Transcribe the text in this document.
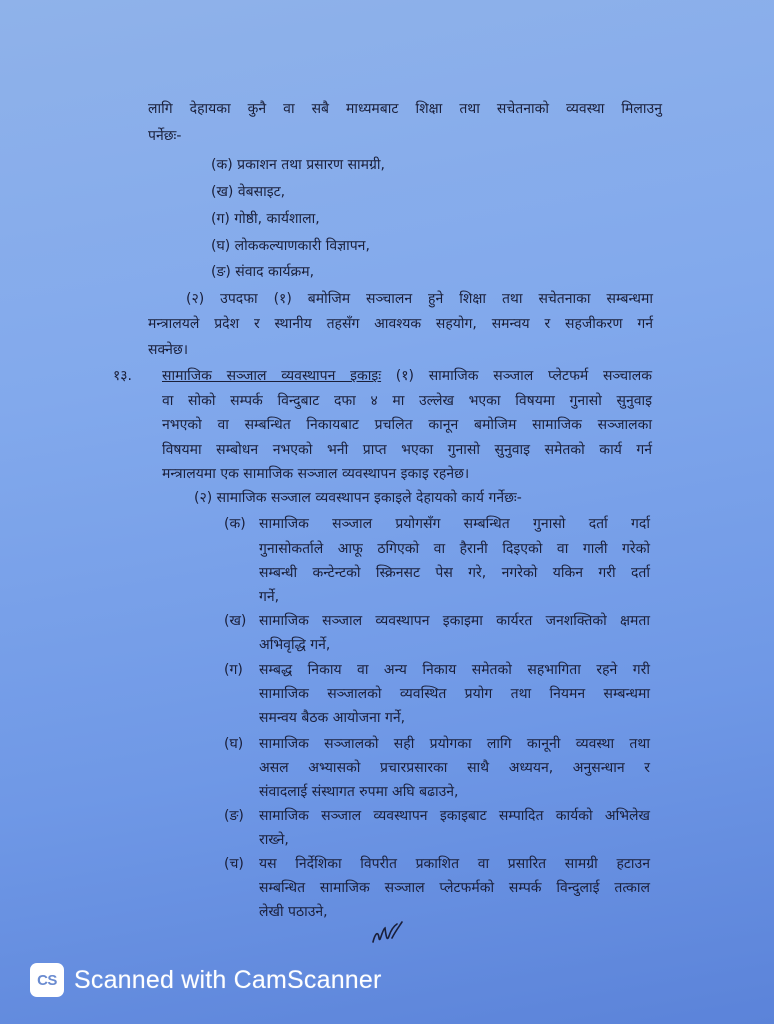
लागि देहायका कुनै वा सबै माध्यमबाट शिक्षा तथा सचेतनाको व्यवस्था मिलाउनु
पर्नेछः-
(क) प्रकाशन तथा प्रसारण सामग्री,
(ख) वेबसाइट,
(ग) गोष्ठी, कार्यशाला,
(घ) लोककल्याणकारी विज्ञापन,
(ङ) संवाद कार्यक्रम,
(२) उपदफा (१) बमोजिम सञ्चालन हुने शिक्षा तथा सचेतनाका सम्बन्धमा
मन्त्रालयले प्रदेश र स्थानीय तहसँग आवश्यक सहयोग, समन्वय र सहजीकरण गर्न
सक्नेछ।
१३. सामाजिक सञ्जाल व्यवस्थापन इकाइः (१) सामाजिक सञ्जाल प्लेटफर्म सञ्चालक
वा सोको सम्पर्क विन्दुबाट दफा ४ मा उल्लेख भएका विषयमा गुनासो सुनुवाइ
नभएको वा सम्बन्धित निकायबाट प्रचलित कानून बमोजिम सामाजिक सञ्जालका
विषयमा सम्बोधन नभएको भनी प्राप्त भएका गुनासो सुनुवाइ समेतको कार्य गर्न
मन्त्रालयमा एक सामाजिक सञ्जाल व्यवस्थापन इकाइ रहनेछ।
(२) सामाजिक सञ्जाल व्यवस्थापन इकाइले देहायको कार्य गर्नेछः-
(क) सामाजिक सञ्जाल प्रयोगसँग सम्बन्धित गुनासो दर्ता गर्दा
गुनासोकर्ताले आफू ठगिएको वा हैरानी दिइएको वा गाली गरेको
सम्बन्धी कन्टेन्टको स्क्रिनसट पेस गरे, नगरेको यकिन गरी दर्ता
गर्ने,
(ख) सामाजिक सञ्जाल व्यवस्थापन इकाइमा कार्यरत जनशक्तिको क्षमता
अभिवृद्धि गर्ने,
(ग) सम्बद्ध निकाय वा अन्य निकाय समेतको सहभागिता रहने गरी
सामाजिक सञ्जालको व्यवस्थित प्रयोग तथा नियमन सम्बन्धमा
समन्वय बैठक आयोजना गर्ने,
(घ) सामाजिक सञ्जालको सही प्रयोगका लागि कानूनी व्यवस्था तथा
असल अभ्यासको प्रचारप्रसारका साथै अध्ययन, अनुसन्धान र
संवादलाई संस्थागत रुपमा अघि बढाउने,
(ङ) सामाजिक सञ्जाल व्यवस्थापन इकाइबाट सम्पादित कार्यको अभिलेख
राख्ने,
(च) यस निर्देशिका विपरीत प्रकाशित वा प्रसारित सामग्री हटाउन
सम्बन्धित सामाजिक सञ्जाल प्लेटफर्मको सम्पर्क विन्दुलाई तत्काल
लेखी पठाउने,
CS Scanned with CamScanner
